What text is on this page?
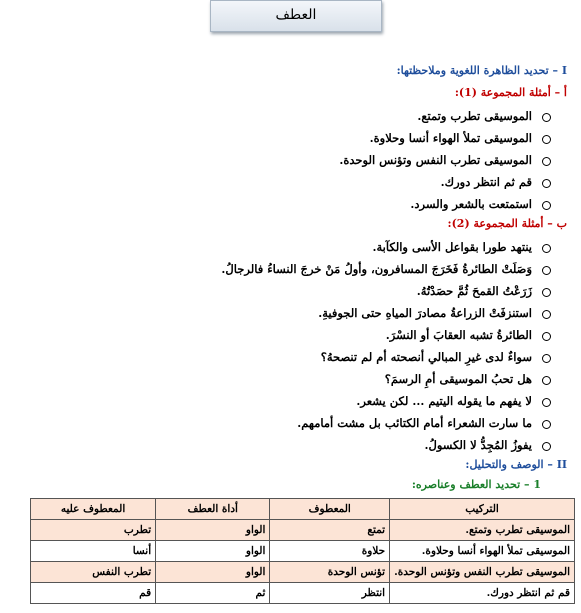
العطف
I – تحديد الظاهرة اللغوية وملاحظتها:
أ – أمثلة المجموعة (1):
الموسيقى تطرب وتمتع.
الموسيقى تملأ الهواء أنسا وحلاوة.
الموسيقى تطرب النفس وتؤنس الوحدة.
قم ثم انتظر دورك.
استمتعت بالشعر والسرد.
ب – أمثلة المجموعة (2):
ينتهد طورا بقواعل الأسى والكآبة.
وَصَلَتْ الطائرةُ فَخَرَجَ المسافرون، وأولُ مَنْ خرجَ النساءُ فالرجالُ.
زَرَعْتُ القمحَ ثُمَّ حصَدْتُهُ.
استنزفَتْ الزراعةُ مصادرَ المياهِ حتى الجوفيةِ.
الطائرةُ تشبه العقابَ أو النسْرَ.
سواءٌ لدى غيرِ المبالي أنصحته أم لم تنصحهُ؟
هل تحبُ الموسيقى أمِ الرسمَ؟
لا يفهم ما يقوله اليتيم ... لكن يشعر.
ما سارت الشعراء أمام الكتائب بل مشت أمامهم.
يفوزُ المُجِدُّ لا الكسولُ.
II – الوصف والتحليل:
1 – تحديد العطف وعناصره:
التركيب	المعطوف	أداة العطف	المعطوف عليه
الموسيقى تطرب وتمتع.	تمتع	الواو	تطرب
الموسيقى تملأ الهواء أنسا وحلاوة.	حلاوة	الواو	أنسا
الموسيقى تطرب النفس وتؤنس الوحدة.	تؤنس الوحدة	الواو	تطرب النفس
قم ثم انتظر دورك.	انتظر	ثم	قم
